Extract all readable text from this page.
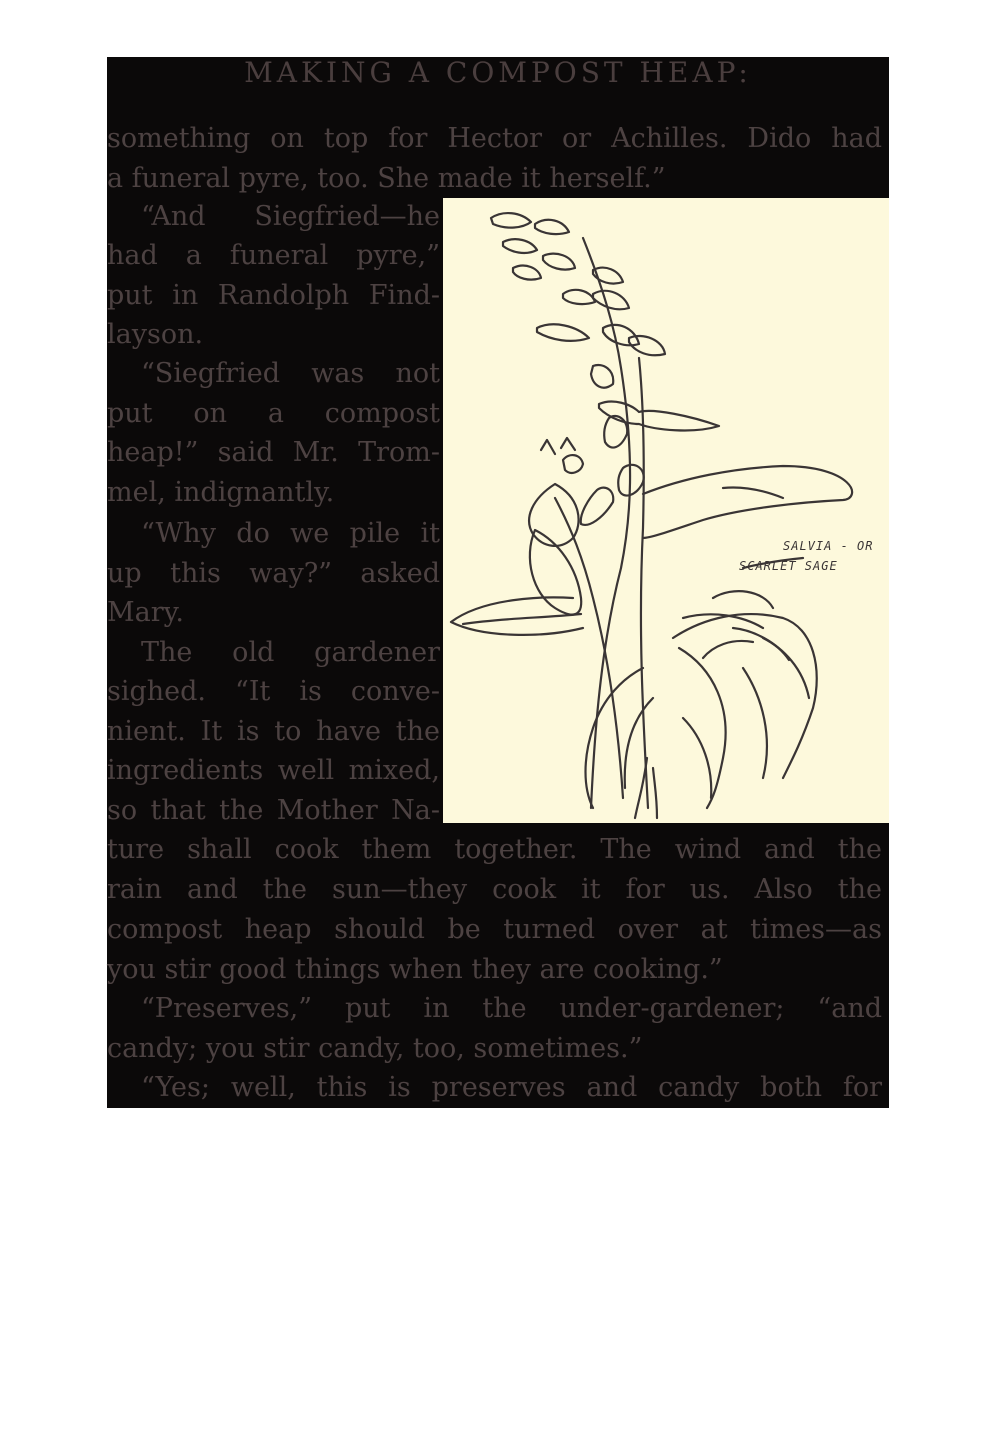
MAKING A COMPOST HEAP:
something on top for Hector or Achilles. Dido had
a funeral pyre, too. She made it herself.”
“And Siegfried—he
had a funeral pyre,”
put in Randolph Find-
layson.
“Siegfried was not
put on a compost
heap!” said Mr. Trom-
mel, indignantly.
“Why do we pile it
up this way?” asked
Mary.
The old gardener
sighed. “It is conve-
nient. It is to have the
ingredients well mixed,
so that the Mother Na-
ture shall cook them together. The wind and the
rain and the sun—they cook it for us. Also the
compost heap should be turned over at times—as
you stir good things when they are cooking.”
“Preserves,” put in the under-gardener; “and
candy; you stir candy, too, sometimes.”
“Yes; well, this is preserves and candy both for
SALVIA - OR
SCARLET SAGE
